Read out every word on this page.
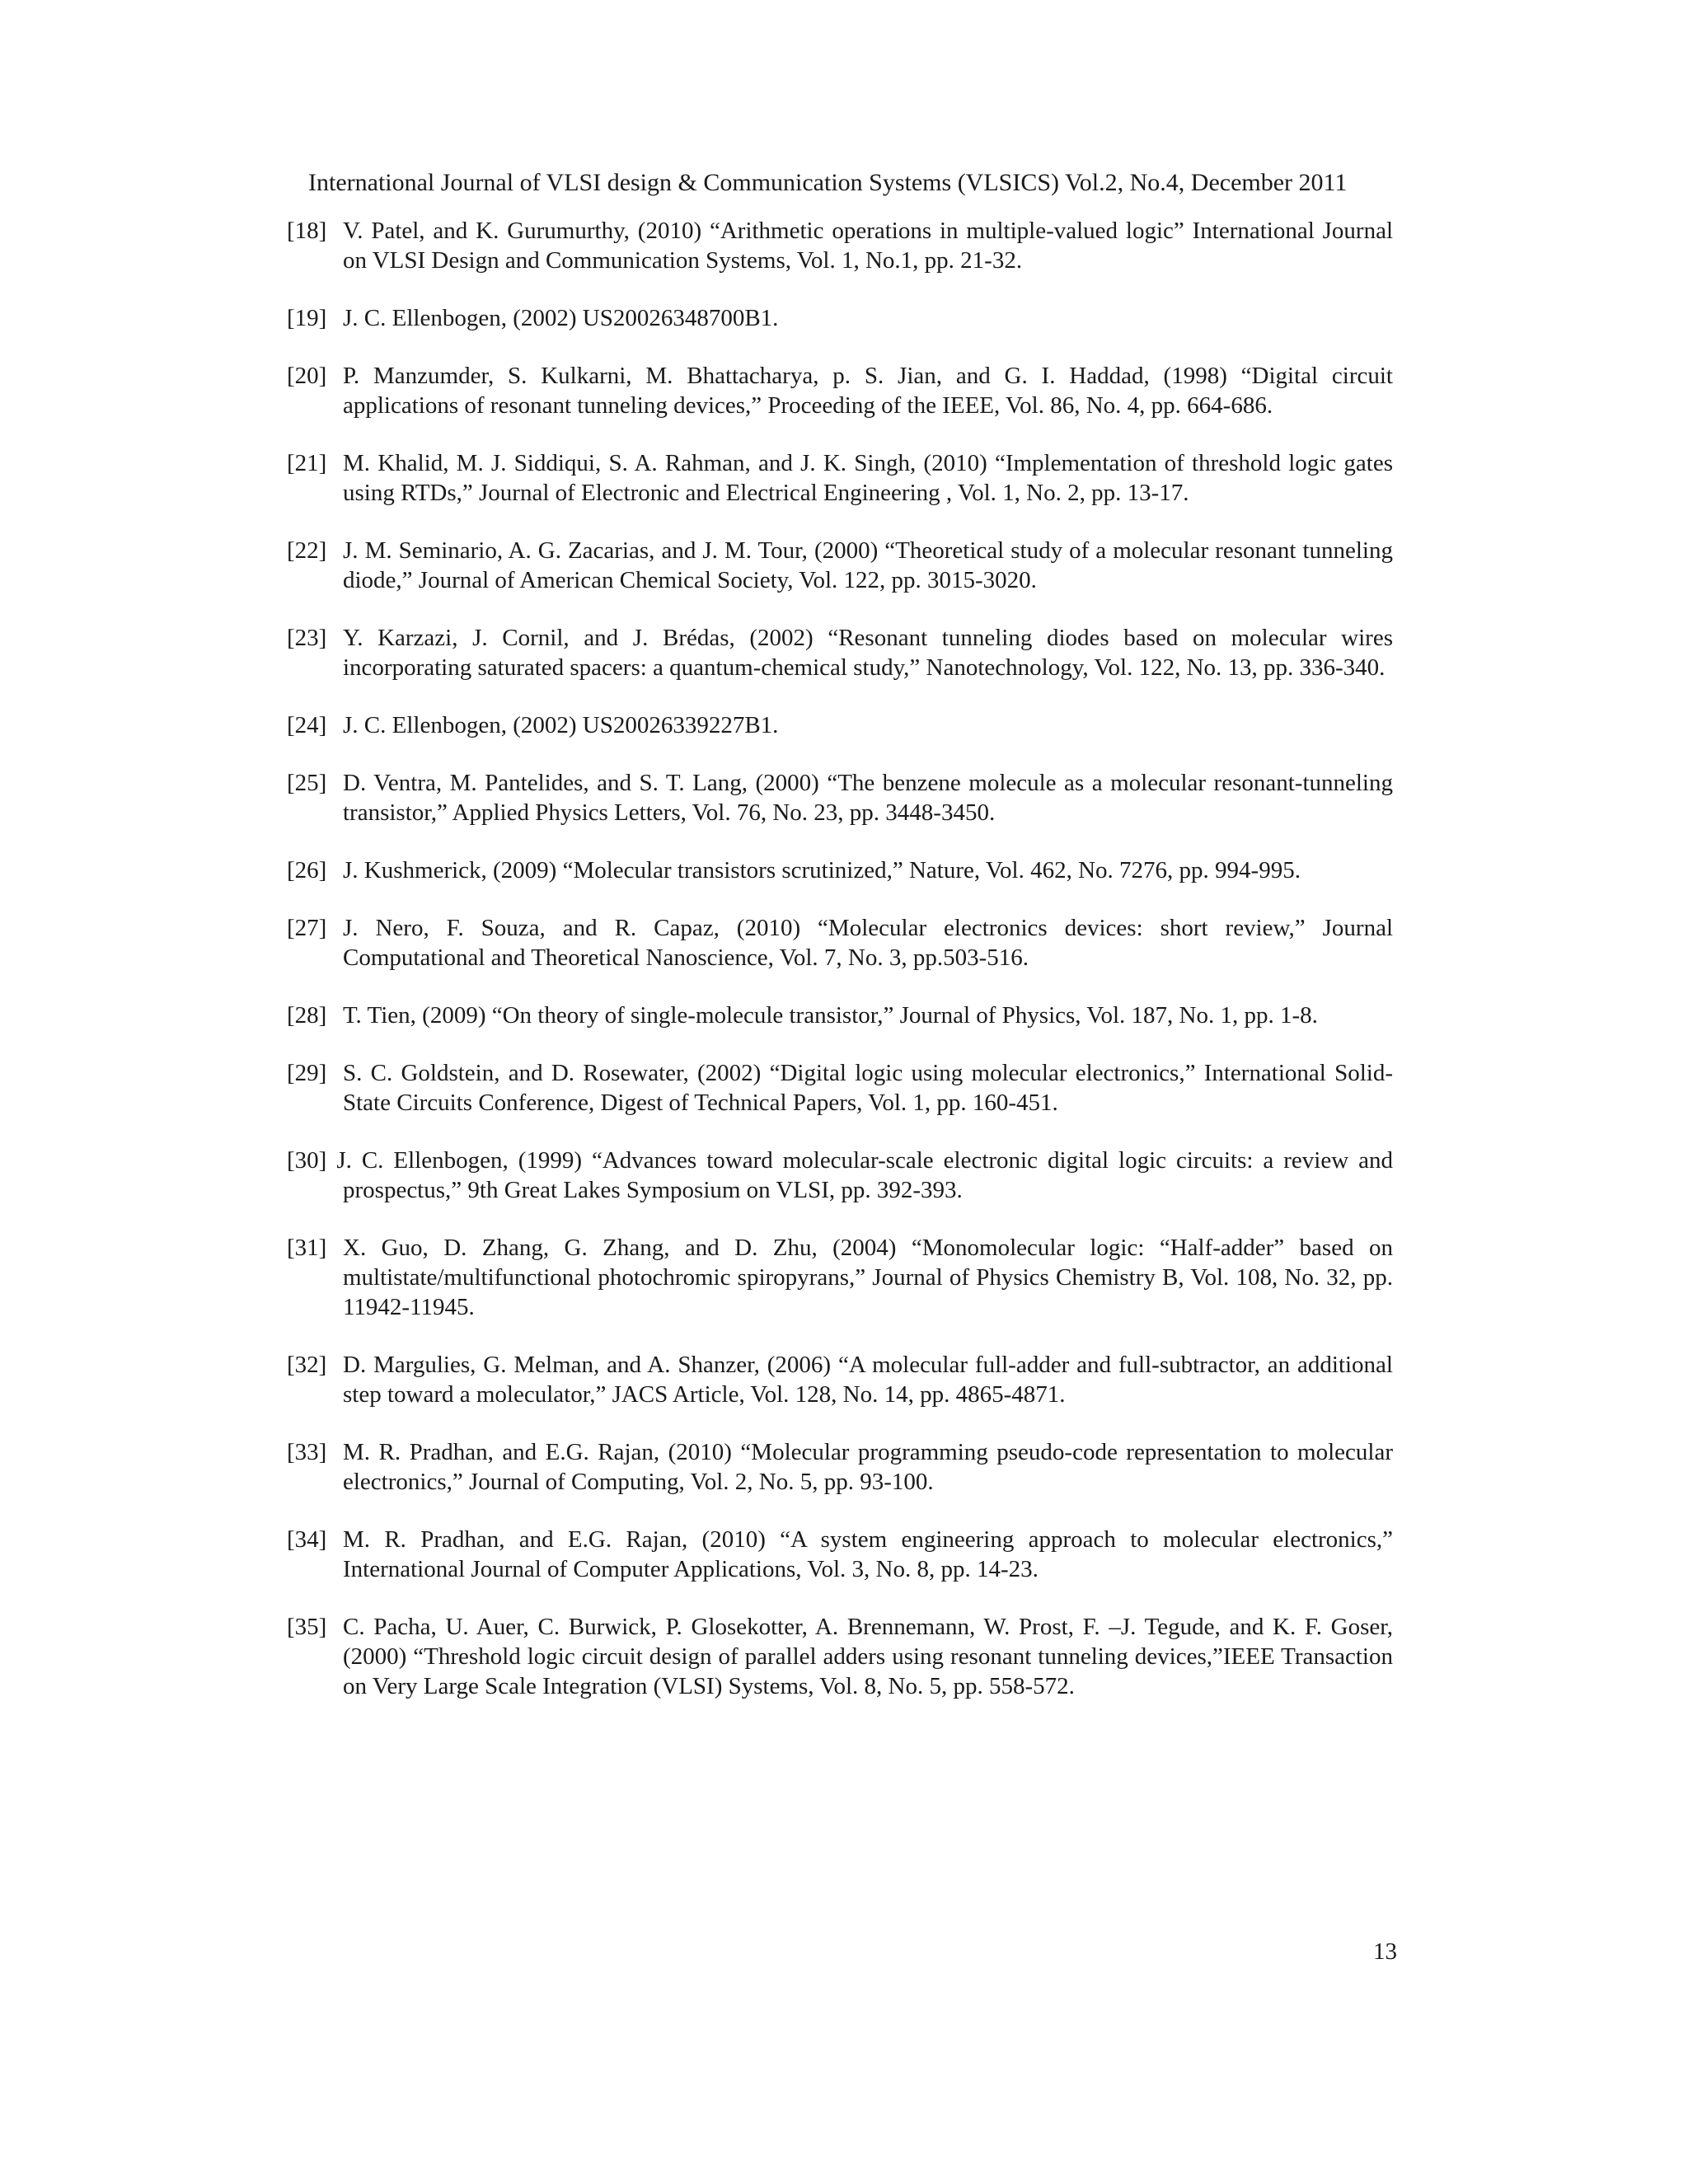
International Journal of VLSI design & Communication Systems (VLSICS) Vol.2, No.4, December 2011
[18] V. Patel, and K. Gurumurthy, (2010) “Arithmetic operations in multiple-valued logic” International Journal on VLSI Design and Communication Systems, Vol. 1, No.1, pp. 21-32.
[19] J. C. Ellenbogen, (2002) US20026348700B1.
[20] P. Manzumder, S. Kulkarni, M. Bhattacharya, p. S. Jian, and G. I. Haddad, (1998) “Digital circuit applications of resonant tunneling devices,” Proceeding of the IEEE, Vol. 86, No. 4, pp. 664-686.
[21] M. Khalid, M. J. Siddiqui, S. A. Rahman, and J. K. Singh, (2010) “Implementation of threshold logic gates using RTDs,” Journal of Electronic and Electrical Engineering , Vol. 1, No. 2, pp. 13-17.
[22] J. M. Seminario, A. G. Zacarias, and J. M. Tour, (2000) “Theoretical study of a molecular resonant tunneling diode,” Journal of American Chemical Society, Vol. 122, pp. 3015-3020.
[23] Y. Karzazi, J. Cornil, and J. Brédas, (2002) “Resonant tunneling diodes based on molecular wires incorporating saturated spacers: a quantum-chemical study,” Nanotechnology, Vol. 122, No. 13, pp. 336-340.
[24] J. C. Ellenbogen, (2002) US20026339227B1.
[25] D. Ventra, M. Pantelides, and S. T. Lang, (2000) “The benzene molecule as a molecular resonant-tunneling transistor,” Applied Physics Letters, Vol. 76, No. 23, pp. 3448-3450.
[26] J. Kushmerick, (2009) “Molecular transistors scrutinized,” Nature, Vol. 462, No. 7276, pp. 994-995.
[27] J. Nero, F. Souza, and R. Capaz, (2010) “Molecular electronics devices: short review,” Journal Computational and Theoretical Nanoscience, Vol. 7, No. 3, pp.503-516.
[28] T. Tien, (2009) “On theory of single-molecule transistor,” Journal of Physics, Vol. 187, No. 1, pp. 1-8.
[29] S. C. Goldstein, and D. Rosewater, (2002) “Digital logic using molecular electronics,” International Solid-State Circuits Conference, Digest of Technical Papers, Vol. 1, pp. 160-451.
[30] J. C. Ellenbogen, (1999) “Advances toward molecular-scale electronic digital logic circuits: a review and prospectus,” 9th Great Lakes Symposium on VLSI, pp. 392-393.
[31] X. Guo, D. Zhang, G. Zhang, and D. Zhu, (2004) “Monomolecular logic: “Half-adder” based on multistate/multifunctional photochromic spiropyrans,” Journal of Physics Chemistry B, Vol. 108, No. 32, pp. 11942-11945.
[32] D. Margulies, G. Melman, and A. Shanzer, (2006) “A molecular full-adder and full-subtractor, an additional step toward a moleculator,” JACS Article, Vol. 128, No. 14, pp. 4865-4871.
[33] M. R. Pradhan, and E.G. Rajan, (2010) “Molecular programming pseudo-code representation to molecular electronics,” Journal of Computing, Vol. 2, No. 5, pp. 93-100.
[34] M. R. Pradhan, and E.G. Rajan, (2010) “A system engineering approach to molecular electronics,” International Journal of Computer Applications, Vol. 3, No. 8, pp. 14-23.
[35] C. Pacha, U. Auer, C. Burwick, P. Glosekotter, A. Brennemann, W. Prost, F. –J. Tegude, and K. F. Goser, (2000) “Threshold logic circuit design of parallel adders using resonant tunneling devices,”IEEE Transaction on Very Large Scale Integration (VLSI) Systems, Vol. 8, No. 5, pp. 558-572.
13
